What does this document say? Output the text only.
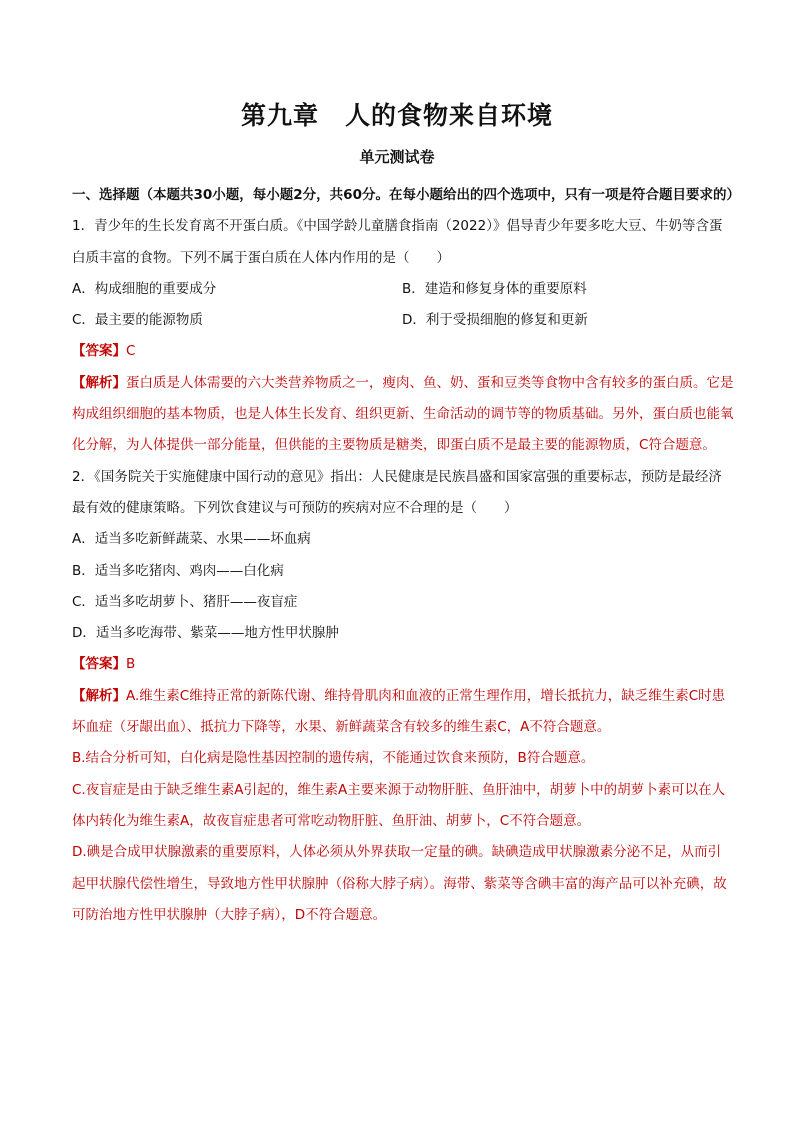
第九章　人的食物来自环境
单元测试卷

一、选择题（本题共30小题，每小题2分，共60分。在每小题给出的四个选项中，只有一项是符合题目要求的）

1．青少年的生长发育离不开蛋白质。《中国学龄儿童膳食指南（2022）》倡导青少年要多吃大豆、牛奶等含蛋白质丰富的食物。下列不属于蛋白质在人体内作用的是（　　）

A．构成细胞的重要成分	B．建造和修复身体的重要原料
C．最主要的能源物质	D．利于受损细胞的修复和更新

【答案】C

【解析】蛋白质是人体需要的六大类营养物质之一，瘦肉、鱼、奶、蛋和豆类等食物中含有较多的蛋白质。它是构成组织细胞的基本物质，也是人体生长发育、组织更新、生命活动的调节等的物质基础。另外，蛋白质也能氧化分解，为人体提供一部分能量，但供能的主要物质是糖类，即蛋白质不是最主要的能源物质，C符合题意。

2．《国务院关于实施健康中国行动的意见》指出：人民健康是民族昌盛和国家富强的重要标志，预防是最经济最有效的健康策略。下列饮食建议与可预防的疾病对应不合理的是（　　）

A．适当多吃新鲜蔬菜、水果——坏血病

B．适当多吃猪肉、鸡肉——白化病

C．适当多吃胡萝卜、猪肝——夜盲症

D．适当多吃海带、紫菜——地方性甲状腺肿

【答案】B

【解析】A.维生素C维持正常的新陈代谢、维持骨肌肉和血液的正常生理作用，增长抵抗力，缺乏维生素C时患坏血症（牙龈出血）、抵抗力下降等，水果、新鲜蔬菜含有较多的维生素C，A不符合题意。

B.结合分析可知，白化病是隐性基因控制的遗传病，不能通过饮食来预防，B符合题意。

C.夜盲症是由于缺乏维生素A引起的，维生素A主要来源于动物肝脏、鱼肝油中，胡萝卜中的胡萝卜素可以在人体内转化为维生素A，故夜盲症患者可常吃动物肝脏、鱼肝油、胡萝卜，C不符合题意。

D.碘是合成甲状腺激素的重要原料，人体必须从外界获取一定量的碘。缺碘造成甲状腺激素分泌不足，从而引起甲状腺代偿性增生，导致地方性甲状腺肿（俗称大脖子病）。海带、紫菜等含碘丰富的海产品可以补充碘，故可防治地方性甲状腺肿（大脖子病），D不符合题意。
